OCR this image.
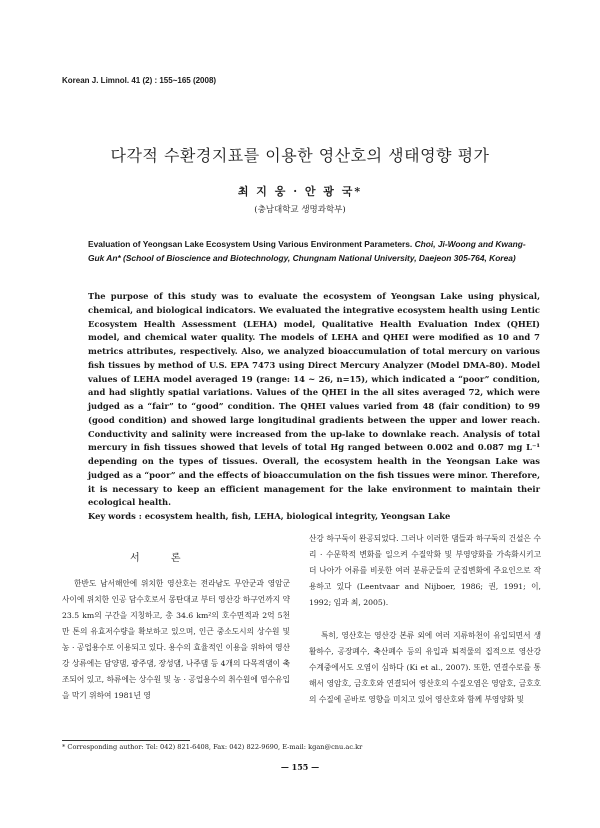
Korean J. Limnol. 41 (2) : 155~165 (2008)
다각적 수환경지표를 이용한 영산호의 생태영향 평가
최 지 웅 · 안 광 국*
(충남대학교 생명과학부)
Evaluation of Yeongsan Lake Ecosystem Using Various Environment Parameters. Choi, Ji-Woong and Kwang-Guk An* (School of Bioscience and Biotechnology, Chungnam National University, Daejeon 305-764, Korea)
The purpose of this study was to evaluate the ecosystem of Yeongsan Lake using physical, chemical, and biological indicators. We evaluated the integrative ecosystem health using Lentic Ecosystem Health Assessment (LEHA) model, Qualitative Health Evaluation Index (QHEI) model, and chemical water quality. The models of LEHA and QHEI were modified as 10 and 7 metrics attributes, respectively. Also, we analyzed bioaccumulation of total mercury on various fish tissues by method of U.S. EPA 7473 using Direct Mercury Analyzer (Model DMA-80). Model values of LEHA model averaged 19 (range: 14 ~ 26, n=15), which indicated a “poor” condition, and had slightly spatial variations. Values of the QHEI in the all sites averaged 72, which were judged as a “fair” to “good” condition. The QHEI values varied from 48 (fair condition) to 99 (good condition) and showed large longitudinal gradients between the upper and lower reach. Conductivity and salinity were increased from the up-lake to downlake reach. Analysis of total mercury in fish tissues showed that levels of total Hg ranged between 0.002 and 0.087 mg L⁻¹ depending on the types of tissues. Overall, the ecosystem health in the Yeongsan Lake was judged as a “poor” and the effects of bioaccumulation on the fish tissues were minor. Therefore, it is necessary to keep an efficient management for the lake environment to maintain their ecological health.
Key words : ecosystem health, fish, LEHA, biological integrity, Yeongsan Lake
산강 하구둑이 완공되었다. 그러나 이러한 댐들과 하구둑의 건설은 수리 · 수문학적 변화를 일으켜 수질악화 및 부영양화를 가속화시키고 더 나아가 어류를 비롯한 여러 분류군들의 군집변화에 주요인으로 작용하고 있다 (Leentvaar and Nijboer, 1986; 권, 1991; 이, 1992; 임과 최, 2005).
서 론
한반도 남서해안에 위치한 영산호는 전라남도 무안군과 영암군 사이에 위치한 인공 담수호로서 몽탄대교 부터 영산강 하구언까지 약 23.5 km의 구간을 지칭하고, 총 34.6 km²의 호수면적과 2억 5천만 톤의 유효저수량을 확보하고 있으며, 인근 중소도시의 상수원 및 농 · 공업용수로 이용되고 있다. 용수의 효율적인 이용을 위하여 영산강 상류에는 담양댐, 광주댐, 장성댐, 나주댐 등 4개의 다목적댐이 축조되어 있고, 하류에는 상수원 및 농 · 공업용수의 취수원에 염수유입을 막기 위하여 1981년 영
특히, 영산호는 영산강 본류 외에 여러 지류하천이 유입되면서 생활하수, 공장폐수, 축산폐수 등의 유입과 퇴적물의 집적으로 영산강 수계중에서도 오염이 심하다 (Ki et al., 2007). 또한, 연결수로를 통해서 영암호, 금호호와 연결되어 영산호의 수질오염은 영암호, 금호호의 수질에 곧바로 영향을 미치고 있어 영산호와 함께 부영양화 및
* Corresponding author: Tel: 042) 821-6408, Fax: 042) 822-9690, E-mail: kgan@cnu.ac.kr
— 155 —
